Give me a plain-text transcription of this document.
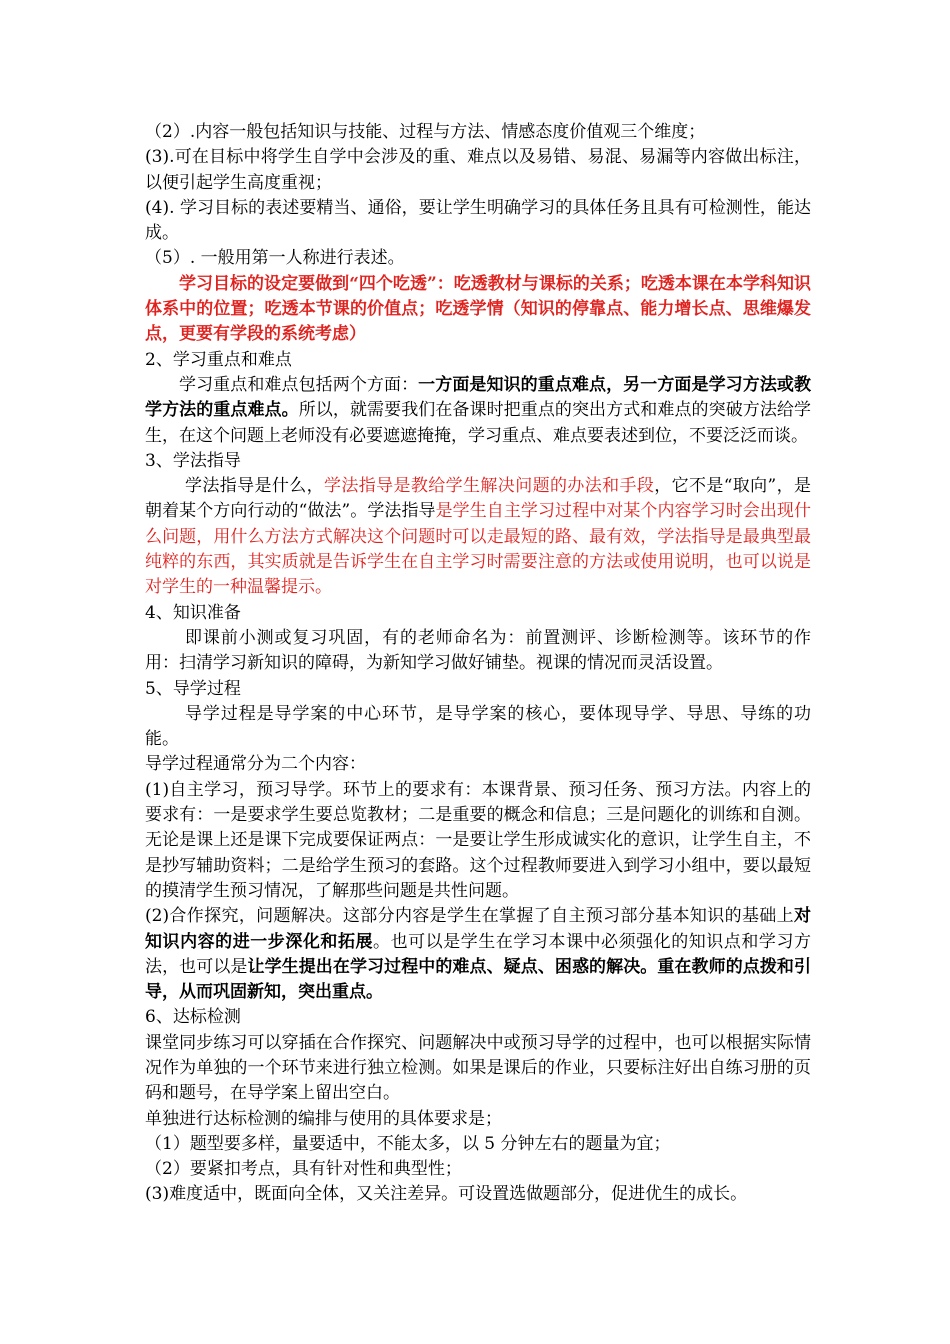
（2）.内容一般包括知识与技能、过程与方法、情感态度价值观三个维度；

(3).可在目标中将学生自学中会涉及的重、难点以及易错、易混、易漏等内容做出标注，以便引起学生高度重视；

(4). 学习目标的表述要精当、通俗，要让学生明确学习的具体任务且具有可检测性，能达成。

（5）. 一般用第一人称进行表述。

学习目标的设定要做到“四个吃透”：吃透教材与课标的关系；吃透本课在本学科知识体系中的位置；吃透本节课的价值点；吃透学情（知识的停靠点、能力增长点、思维爆发点，更要有学段的系统考虑）

2、学习重点和难点

学习重点和难点包括两个方面：一方面是知识的重点难点，另一方面是学习方法或教学方法的重点难点。所以，就需要我们在备课时把重点的突出方式和难点的突破方法给学生，在这个问题上老师没有必要遮遮掩掩，学习重点、难点要表述到位，不要泛泛而谈。

3、学法指导

学法指导是什么，学法指导是教给学生解决问题的办法和手段，它不是“取向”，是朝着某个方向行动的“做法”。学法指导是学生自主学习过程中对某个内容学习时会出现什么问题，用什么方法方式解决这个问题时可以走最短的路、最有效，学法指导是最典型最纯粹的东西，其实质就是告诉学生在自主学习时需要注意的方法或使用说明，也可以说是对学生的一种温馨提示。

4、知识准备

即课前小测或复习巩固，有的老师命名为：前置测评、诊断检测等。该环节的作用：扫清学习新知识的障碍，为新知学习做好铺垫。视课的情况而灵活设置。

5、导学过程

导学过程是导学案的中心环节，是导学案的核心，要体现导学、导思、导练的功能。

导学过程通常分为二个内容：

(1)自主学习，预习导学。环节上的要求有：本课背景、预习任务、预习方法。内容上的要求有：一是要求学生要总览教材；二是重要的概念和信息；三是问题化的训练和自测。无论是课上还是课下完成要保证两点：一是要让学生形成诚实化的意识，让学生自主，不是抄写辅助资料；二是给学生预习的套路。这个过程教师要进入到学习小组中，要以最短的摸清学生预习情况，了解那些问题是共性问题。

(2)合作探究，问题解决。这部分内容是学生在掌握了自主预习部分基本知识的基础上对知识内容的进一步深化和拓展。也可以是学生在学习本课中必须强化的知识点和学习方法，也可以是让学生提出在学习过程中的难点、疑点、困惑的解决。重在教师的点拨和引导，从而巩固新知，突出重点。

6、达标检测

课堂同步练习可以穿插在合作探究、问题解决中或预习导学的过程中，也可以根据实际情况作为单独的一个环节来进行独立检测。如果是课后的作业，只要标注好出自练习册的页码和题号，在导学案上留出空白。

单独进行达标检测的编排与使用的具体要求是；

（1）题型要多样，量要适中，不能太多，以 5 分钟左右的题量为宜；

（2）要紧扣考点，具有针对性和典型性；

(3)难度适中，既面向全体，又关注差异。可设置选做题部分，促进优生的成长。
